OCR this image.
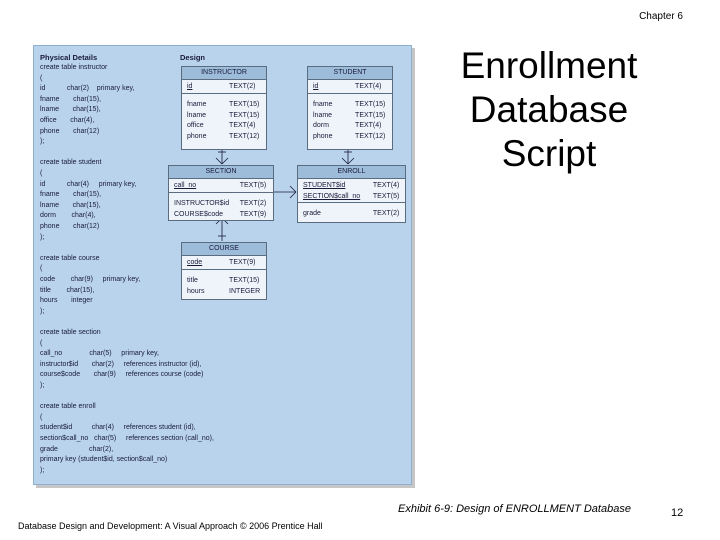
Chapter 6
Enrollment
Database
Script
Physical Details	Design
create table instructor
(
id           char(2)    primary key,
fname       char(15),
lname       char(15),
office       char(4),
phone       char(12)
);
create table student
(
id           char(4)     primary key,
fname       char(15),
lname       char(15),
dorm        char(4),
phone       char(12)
);
create table course
(
code        char(9)     primary key,
title        char(15),
hours       integer
);
create table section
(
call_no              char(5)     primary key,
instructor$id       char(2)     references instructor (id),
course$code       char(9)     references course (code)
);
create table enroll
(
student$id          char(4)     references student (id),
section$call_no   char(5)     references section (call_no),
grade                char(2),
primary key (student$id, section$call_no)
);
INSTRUCTOR
id	TEXT(2)
fname	TEXT(15)
lname	TEXT(15)
office	TEXT(4)
phone	TEXT(12)
STUDENT
id	TEXT(4)
fname	TEXT(15)
lname	TEXT(15)
dorm	TEXT(4)
phone	TEXT(12)
SECTION
call_no	TEXT(5)
INSTRUCTOR$id	TEXT(2)
COURSE$code	TEXT(9)
ENROLL
STUDENT$id	TEXT(4)
SECTION$call_no	TEXT(5)
grade	TEXT(2)
COURSE
code	TEXT(9)
title	TEXT(15)
hours	INTEGER
Exhibit 6-9: Design of ENROLLMENT Database	12
Database Design and Development: A Visual Approach © 2006 Prentice Hall
